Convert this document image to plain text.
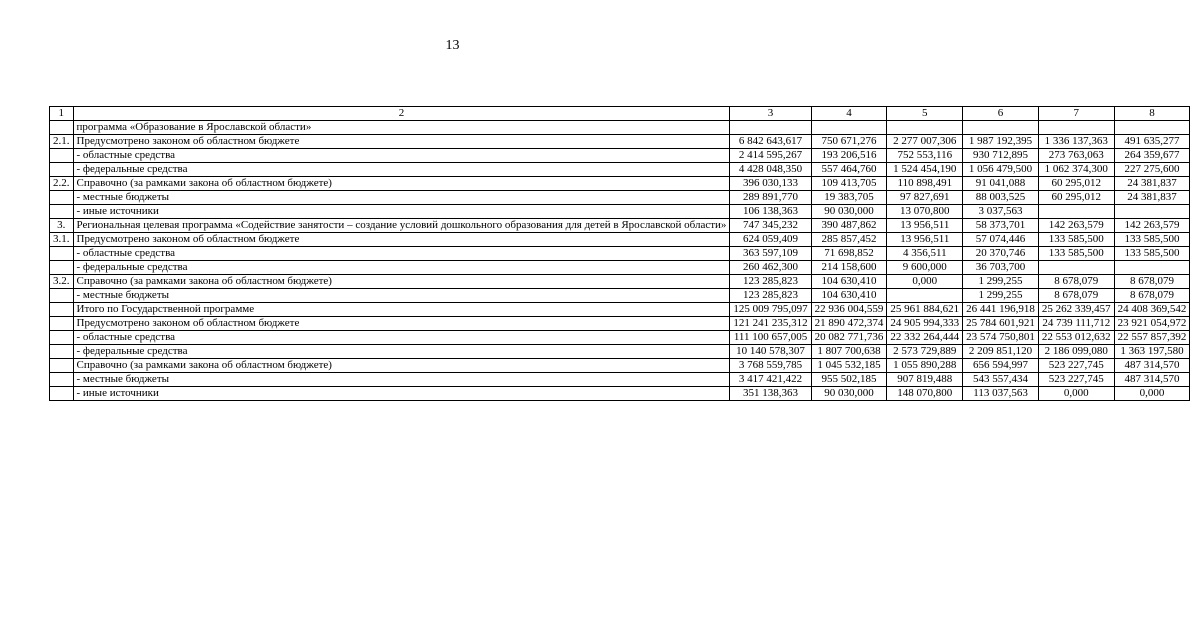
13
1	2	3	4	5	6	7	8
	программа «Образование в Ярославской области»						
2.1.	Предусмотрено законом об областном бюджете	6 842 643,617	750 671,276	2 277 007,306	1 987 192,395	1 336 137,363	491 635,277
	- областные средства	2 414 595,267	193 206,516	752 553,116	930 712,895	273 763,063	264 359,677
	- федеральные средства	4 428 048,350	557 464,760	1 524 454,190	1 056 479,500	1 062 374,300	227 275,600
2.2.	Справочно (за рамками закона об областном бюджете)	396 030,133	109 413,705	110 898,491	91 041,088	60 295,012	24 381,837
	- местные бюджеты	289 891,770	19 383,705	97 827,691	88 003,525	60 295,012	24 381,837
	- иные источники	106 138,363	90 030,000	13 070,800	3 037,563		
3.	Региональная целевая программа «Содействие занятости – создание условий дошкольного образования для детей в Ярославской области»	747 345,232	390 487,862	13 956,511	58 373,701	142 263,579	142 263,579
3.1.	Предусмотрено законом об областном бюджете	624 059,409	285 857,452	13 956,511	57 074,446	133 585,500	133 585,500
	- областные средства	363 597,109	71 698,852	4 356,511	20 370,746	133 585,500	133 585,500
	- федеральные средства	260 462,300	214 158,600	9 600,000	36 703,700		
3.2.	Справочно (за рамками закона об областном бюджете)	123 285,823	104 630,410	0,000	1 299,255	8 678,079	8 678,079
	- местные бюджеты	123 285,823	104 630,410		1 299,255	8 678,079	8 678,079
	Итого по Государственной программе	125 009 795,097	22 936 004,559	25 961 884,621	26 441 196,918	25 262 339,457	24 408 369,542
	Предусмотрено законом об областном бюджете	121 241 235,312	21 890 472,374	24 905 994,333	25 784 601,921	24 739 111,712	23 921 054,972
	- областные средства	111 100 657,005	20 082 771,736	22 332 264,444	23 574 750,801	22 553 012,632	22 557 857,392
	- федеральные средства	10 140 578,307	1 807 700,638	2 573 729,889	2 209 851,120	2 186 099,080	1 363 197,580
	Справочно (за рамками закона об областном бюджете)	3 768 559,785	1 045 532,185	1 055 890,288	656 594,997	523 227,745	487 314,570
	- местные бюджеты	3 417 421,422	955 502,185	907 819,488	543 557,434	523 227,745	487 314,570
	- иные источники	351 138,363	90 030,000	148 070,800	113 037,563	0,000	0,000
